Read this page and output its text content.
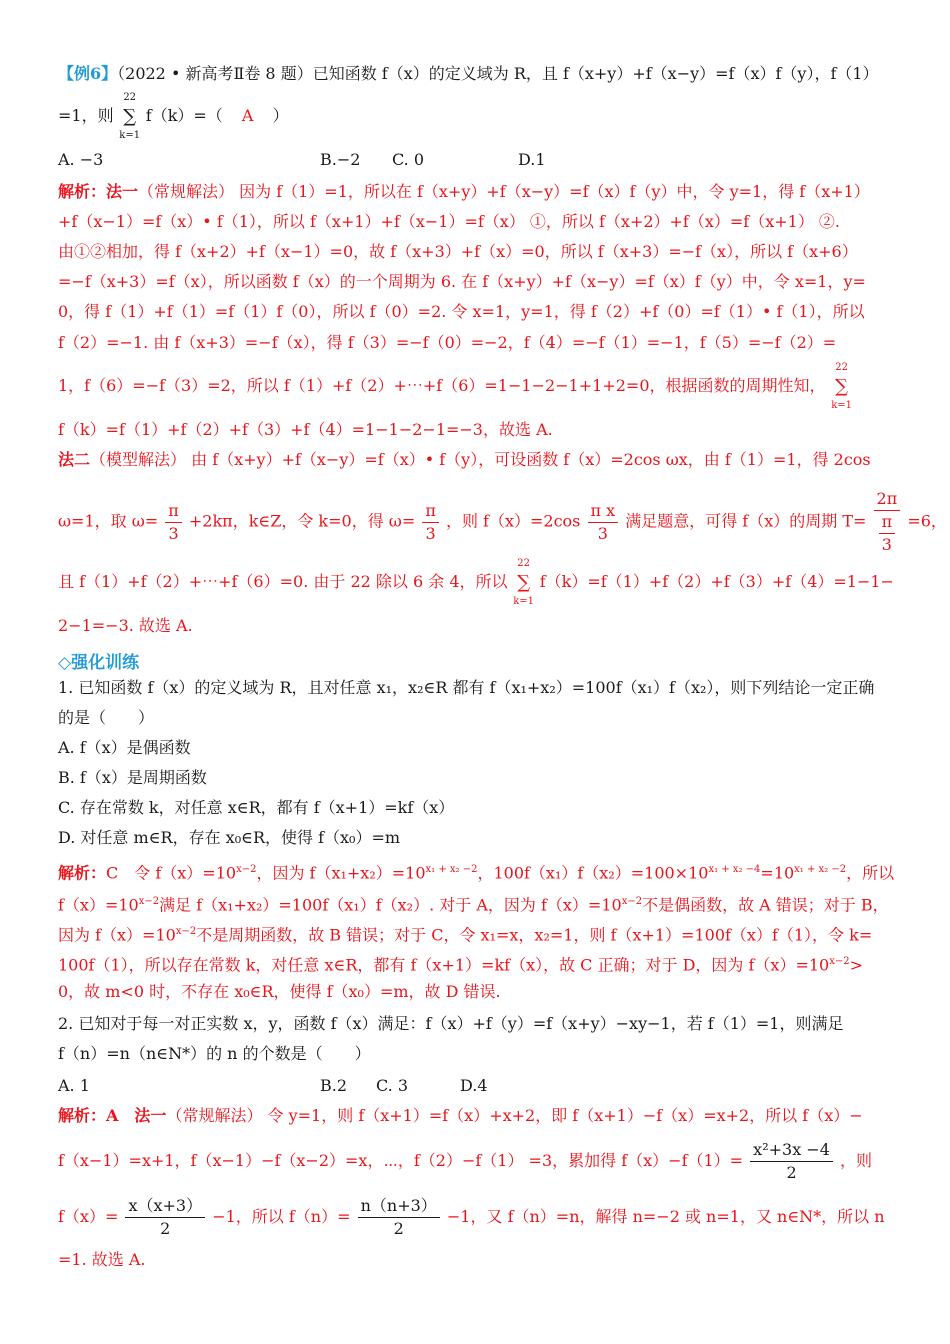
【例6】（2022 • 新高考Ⅱ卷 8 题）已知函数 f（x）的定义域为 R，且 f（x+y）+f（x−y）=f（x）f（y），f（1）
=1，则
22
∑
k=1
f（k）=（ A ）
A. −3	B.−2 C. 0	D.1
解析：法一（常规解法） 因为 f（1）=1，所以在 f（x+y）+f（x−y）=f（x）f（y）中，令 y=1，得 f（x+1）
+f（x−1）=f（x）• f（1），所以 f（x+1）+f（x−1）=f（x） ①，所以 f（x+2）+f（x）=f（x+1） ②.
由①②相加，得 f（x+2）+f（x−1）=0，故 f（x+3）+f（x）=0，所以 f（x+3）=−f（x），所以 f（x+6）
=−f（x+3）=f（x），所以函数 f（x）的一个周期为 6. 在 f（x+y）+f（x−y）=f（x）f（y）中，令 x=1，y=
0，得 f（1）+f（1）=f（1）f（0），所以 f（0）=2. 令 x=1，y=1，得 f（2）+f（0）=f（1）• f（1），所以
f（2）=−1. 由 f（x+3）=−f（x），得 f（3）=−f（0）=−2，f（4）=−f（1）=−1，f（5）=−f（2）=
1，f（6）=−f（3）=2，所以 f（1）+f（2）+⋯+f（6）=1−1−2−1+1+2=0，根据函数的周期性知，
22
∑
k=1
f（k）=f（1）+f（2）+f（3）+f（4）=1−1−2−1=−3，故选 A.
法二（模型解法） 由 f（x+y）+f（x−y）=f（x）• f（y），可设函数 f（x）=2cos ωx，由 f（1）=1，得 2cos
ω=1，取 $\omega= \frac{\pi}{3} +2k\pi$，k∈Z，令 k=0，得 $\omega= \frac{\pi}{3}$ ，则 $f(x)=2\cos \frac{\text{π x}}{3}$ 满足题意，可得 f（x）的周期 $T= \frac{2\pi}{\frac{\pi}{3}} =6$，
且 f（1）+f（2）+⋯+f（6）=0. 由于 22 除以 6 余 4，所以
22
∑
k=1
f（k）=f（1）+f（2）+f（3）+f（4）=1−1−
2−1=−3. 故选 A.
◇强化训练
1. 已知函数 f（x）的定义域为 R，且对任意 x₁，x₂∈R 都有 f（x₁+x₂）=100f（x₁）f（x₂），则下列结论一定正确
的是（　　）
A. f（x）是偶函数
B. f（x）是周期函数
C. 存在常数 k，对任意 x∈R，都有 f（x+1）=kf（x）
D. 对任意 m∈R，存在 x₀∈R，使得 f（x₀）=m
解析：C　令 $f(x)=10^{x-2}$，因为 $f(x_1+x_2)=10^{x_1 + x_2 -2}$，$100f(x_1)f(x_2)=100\times 10^{x_1 + x_2 -4}=10^{x_1 + x_2 -2}$，所以
$f(x)=10^{x-2}$满足 f（x₁+x₂）=100f（x₁）f（x₂）. 对于 A，因为 $f(x)=10^{x-2}$不是偶函数，故 A 错误；对于 B，
因为 $f(x)=10^{x-2}$不是周期函数，故 B 错误；对于 C，令 x₁=x，x₂=1，则 f（x+1）=100f（x）f（1），令 k=
100f（1），所以存在常数 k，对任意 x∈R，都有 f（x+1）=kf（x），故 C 正确；对于 D，因为 $f(x)=10^{x-2}>$
0，故 m<0 时，不存在 x₀∈R，使得 f（x₀）=m，故 D 错误.
2. 已知对于每一对正实数 x，y，函数 f（x）满足：f（x）+f（y）=f（x+y）−xy−1，若 f（1）=1，则满足
f（n）=n（n∈N*）的 n 的个数是（　　）
A. 1	B.2 C. 3	D.4
解析：A　法一（常规解法） 令 y=1，则 f（x+1）=f（x）+x+2，即 f（x+1）−f（x）=x+2，所以 f（x）−
f（x−1）=x+1，f（x−1）−f（x−2）=x，⋯，f（2）−f（1） =3，累加得 $f(x)-f(1)= \frac{\text{x²+3x −4}}{2}$ ，则
$f(x)= \frac{x(x+3)}{2} -1$，所以 $f(n)= \frac{n(n+3)}{2} -1$，又 f（n）=n，解得 n=−2 或 n=1，又 n∈N*，所以 n
=1. 故选 A.
